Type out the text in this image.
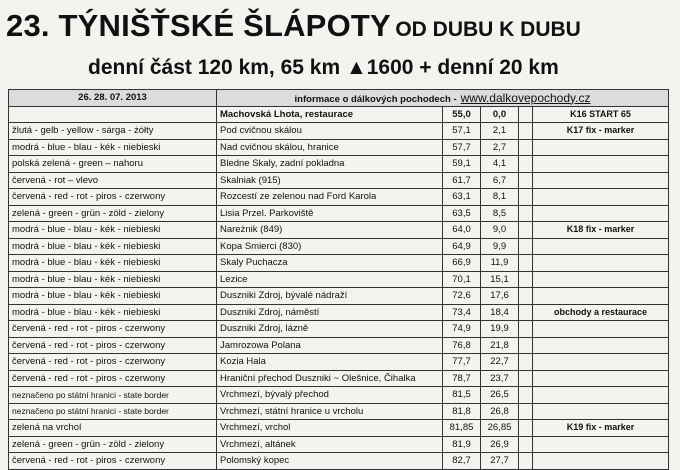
23. TÝNIŠŤSKÉ ŠLÁPOTY OD DUBU K DUBU
denní část 120 km, 65 km ▲1600 + denní 20 km
26. 28. 07. 2013	informace o dálkových pochodech - www.dalkovepochody.cz				
	Machovská Lhota, restaurace	55,0	0,0		K16 START 65
žlutá - gelb - yellow - sárga - żółty	Pod cvičnou skálou	57,1	2,1		K17 fix - marker
modrá - blue - blau - kék - niebieski	Nad cvičnou skálou, hranice	57,7	2,7		
polská zelená - green – nahoru	Bledne Skaly, zadní pokladna	59,1	4,1		
červená - rot – vlevo	Skalniak (915)	61,7	6,7		
červená - red - rot - piros - czerwony	Rozcestí ze zelenou nad Ford Karola	63,1	8,1		
zelená - green - grün - zöld - zielony	Lisia Przel. Parkoviště	63,5	8,5		
modrá - blue - blau - kék - niebieski	Nareżnik (849)	64,0	9,0		K18 fix - marker
modrá - blue - blau - kék - niebieski	Kopa Smierci (830)	64,9	9,9		
modrá - blue - blau - kék - niebieski	Skaly Puchacza	66,9	11,9		
modrá - blue - blau - kék - niebieski	Lezice	70,1	15,1		
modrá - blue - blau - kék - niebieski	Duszniki Zdroj, bývalé nádraží	72,6	17,6		
modrá - blue - blau - kék - niebieski	Duszniki Zdroj, náměstí	73,4	18,4		obchody a restaurace
červená - red - rot - piros - czerwony	Duszniki Zdroj, lázně	74,9	19,9		
červená - red - rot - piros - czerwony	Jamrozowa Polana	76,8	21,8		
červená - red - rot - piros - czerwony	Kozia Hala	77,7	22,7		
červená - red - rot - piros - czerwony	Hraniční přechod Duszniki ~ Olešnice, Čihalka	78,7	23,7		
neznačeno po státní hranici - state border	Vrchmezí, bývalý přechod	81,5	26,5		
neznačeno po státní hranici - state border	Vrchmezí, státní hranice u vrcholu	81,8	26,8		
zelená na vrchol	Vrchmezí, vrchol	81,85	26,85		K19 fix - marker
zelená - green - grün - zöld - zielony	Vrchmezí, altánek	81,9	26,9		
červená - red - rot - piros - czerwony	Polomský kopec	82,7	27,7		
